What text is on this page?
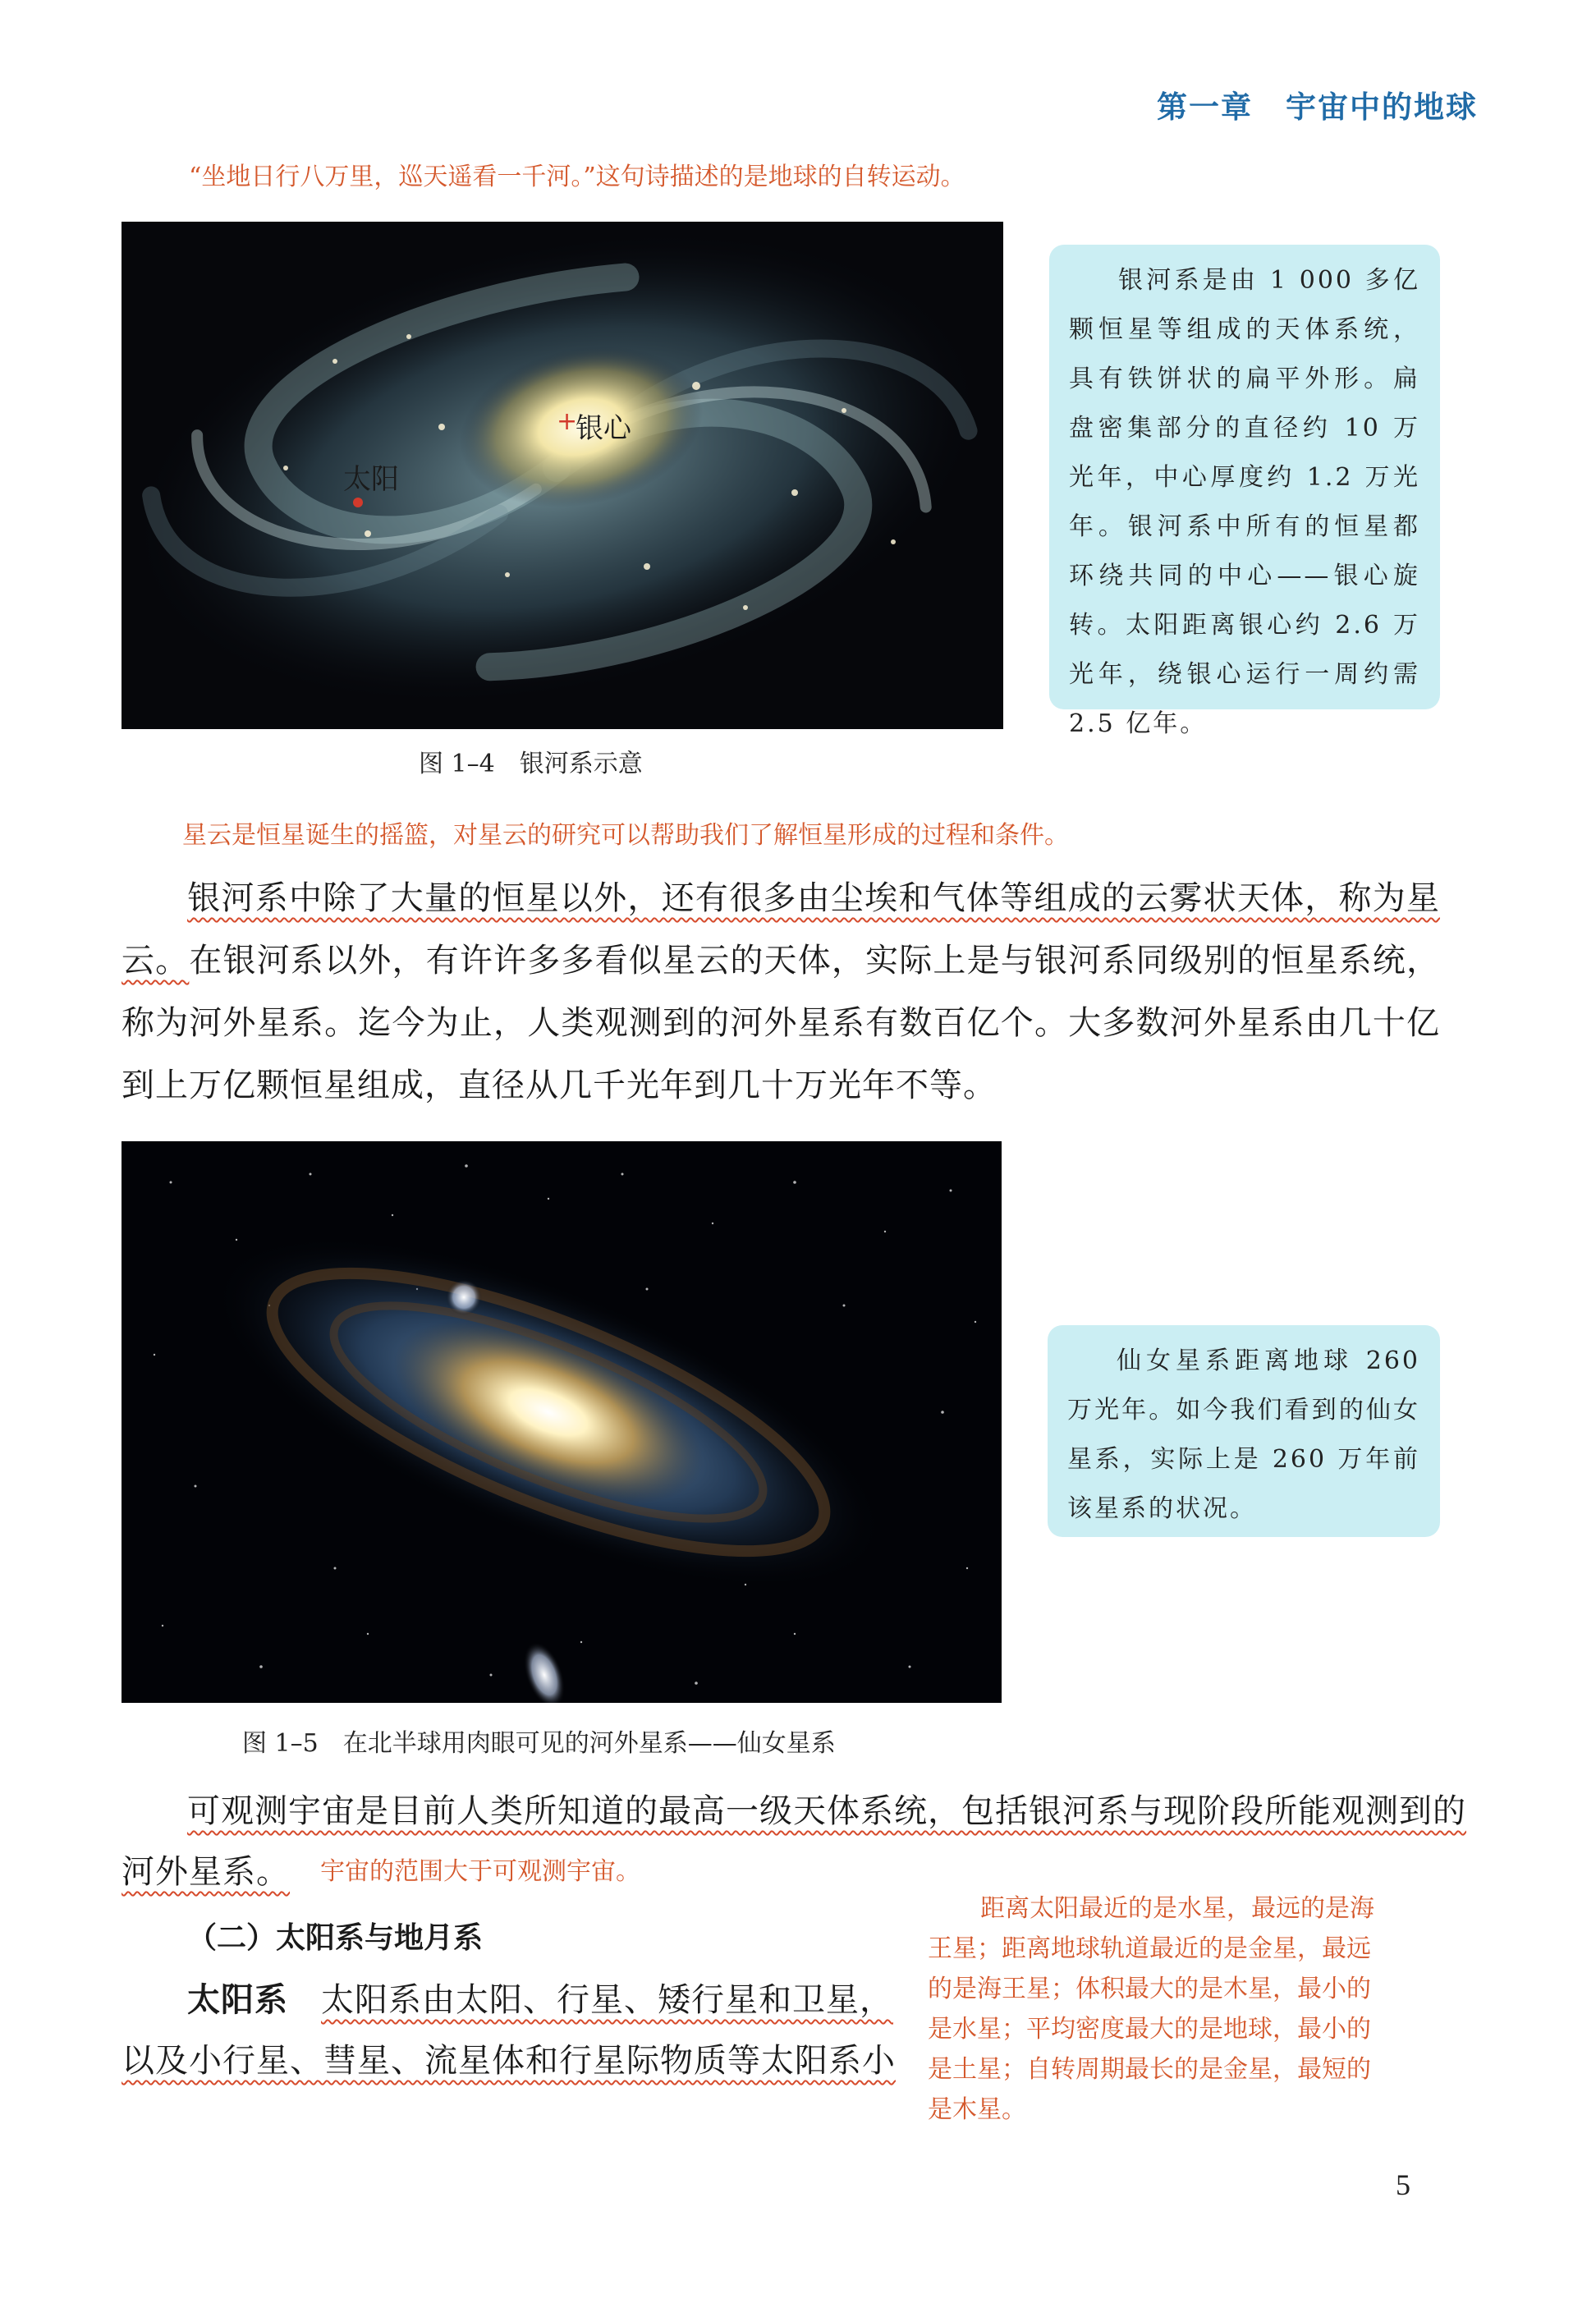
第一章 宇宙中的地球
“坐地日行八万里，巡天遥看一千河。”这句诗描述的是地球的自转运动。
+
银心
太阳
图 1–4　银河系示意
银河系是由 1 000 多亿颗恒星等组成的天体系统，具有铁饼状的扁平外形。扁盘密集部分的直径约 10 万光年，中心厚度约 1.2 万光年。银河系中所有的恒星都环绕共同的中心——银心旋转。太阳距离银心约 2.6 万光年，绕银心运行一周约需 2.5 亿年。
星云是恒星诞生的摇篮，对星云的研究可以帮助我们了解恒星形成的过程和条件。
银河系中除了大量的恒星以外，还有很多由尘埃和气体等组成的云雾状天体，称为星云。在银河系以外，有许许多多看似星云的天体，实际上是与银河系同级别的恒星系统，称为河外星系。迄今为止，人类观测到的河外星系有数百亿个。大多数河外星系由几十亿到上万亿颗恒星组成，直径从几千光年到几十万光年不等。
图 1–5　在北半球用肉眼可见的河外星系——仙女星系
仙女星系距离地球 260 万光年。如今我们看到的仙女星系，实际上是 260 万年前该星系的状况。
可观测宇宙是目前人类所知道的最高一级天体系统，包括银河系与现阶段所能观测到的
河外星系。 宇宙的范围大于可观测宇宙。
（二）太阳系与地月系
太阳系 太阳系由太阳、行星、矮行星和卫星，
以及小行星、彗星、流星体和行星际物质等太阳系小
距离太阳最近的是水星，最远的是海
王星；距离地球轨道最近的是金星，最远
的是海王星；体积最大的是木星，最小的
是水星；平均密度最大的是地球，最小的
是土星；自转周期最长的是金星，最短的
是木星。
5
